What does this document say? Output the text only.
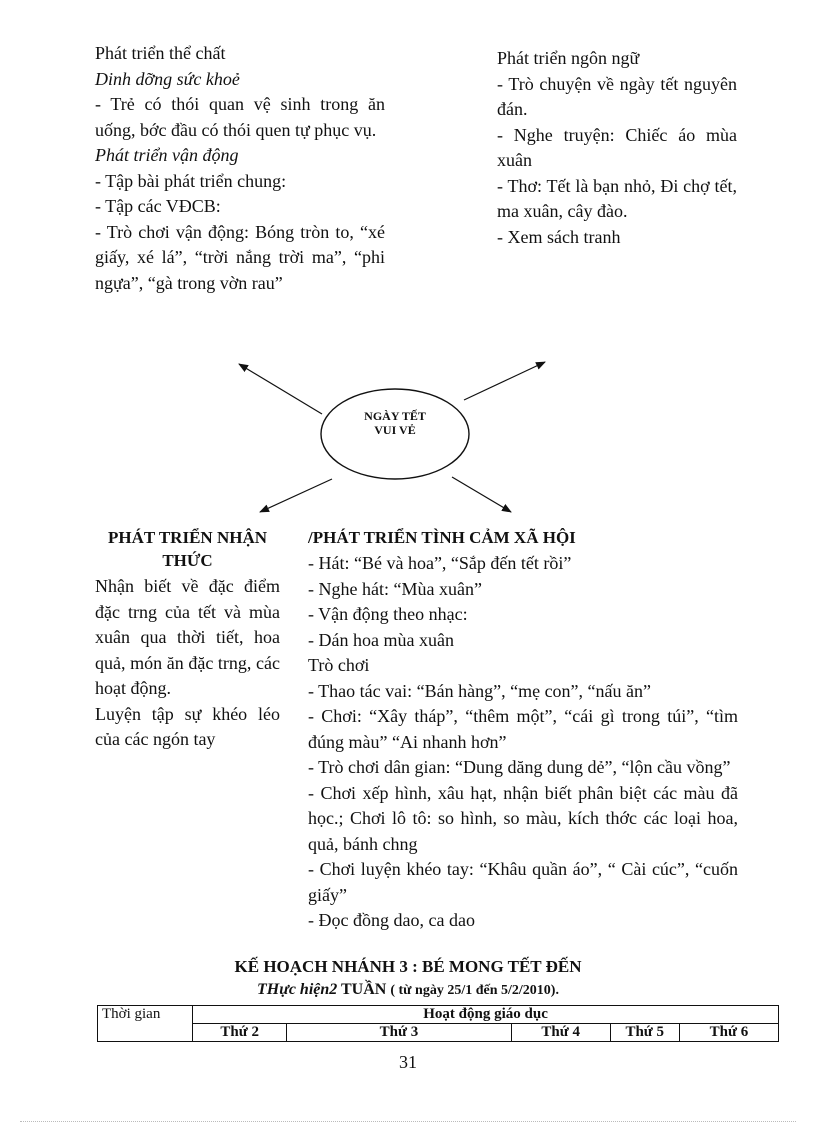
Phát triển thể chất
Dinh dỡng sức khoẻ
- Trẻ có thói quan vệ sinh trong ăn uống, bớc đầu có thói quen tự phục vụ.
Phát triển vận động
- Tập bài phát triển chung:
- Tập các VĐCB:
- Trò chơi vận động: Bóng tròn to, “xé giấy, xé lá”, “trời nắng trời ma”, “phi ngựa”, “gà trong vờn rau”
Phát triển ngôn ngữ
- Trò chuyện về ngày tết nguyên đán.
- Nghe truyện: Chiếc áo mùa xuân
- Thơ: Tết là bạn nhỏ, Đi chợ tết, ma xuân, cây đào.
- Xem sách tranh
NGÀY TẾT
VUI VẺ
PHÁT TRIỂN NHẬN THỨC
Nhận biết về đặc điểm đặc trng của tết và mùa xuân qua thời tiết, hoa quả, món ăn đặc trng, các hoạt động.
Luyện tập sự khéo léo của các ngón tay
/PHÁT TRIỂN TÌNH CẢM XÃ HỘI
- Hát: “Bé và hoa”, “Sắp đến tết rồi”
- Nghe hát: “Mùa xuân”
- Vận động theo nhạc:
- Dán hoa mùa xuân
Trò chơi
- Thao tác vai: “Bán hàng”, “mẹ con”, “nấu ăn”
- Chơi: “Xây tháp”, “thêm một”, “cái gì trong túi”, “tìm đúng màu” “Ai nhanh hơn”
- Trò chơi dân gian: “Dung dăng dung dẻ”, “lộn cầu vồng”
- Chơi xếp hình, xâu hạt, nhận biết phân biệt các màu đã học.; Chơi lô tô: so hình, so màu, kích thớc các loại hoa, quả, bánh chng
- Chơi luyện khéo tay: “Khâu quần áo”, “ Cài cúc”, “cuốn giấy”
- Đọc đồng dao, ca dao
KẾ HOẠCH NHÁNH 3 : BÉ MONG TẾT ĐẾN
THực hiện2 TUẦN ( từ ngày 25/1 đến 5/2/2010).
Thời gian	Hoạt động giáo dục				
	Thứ 2	Thứ 3	Thứ 4	Thứ 5	Thứ 6
31
